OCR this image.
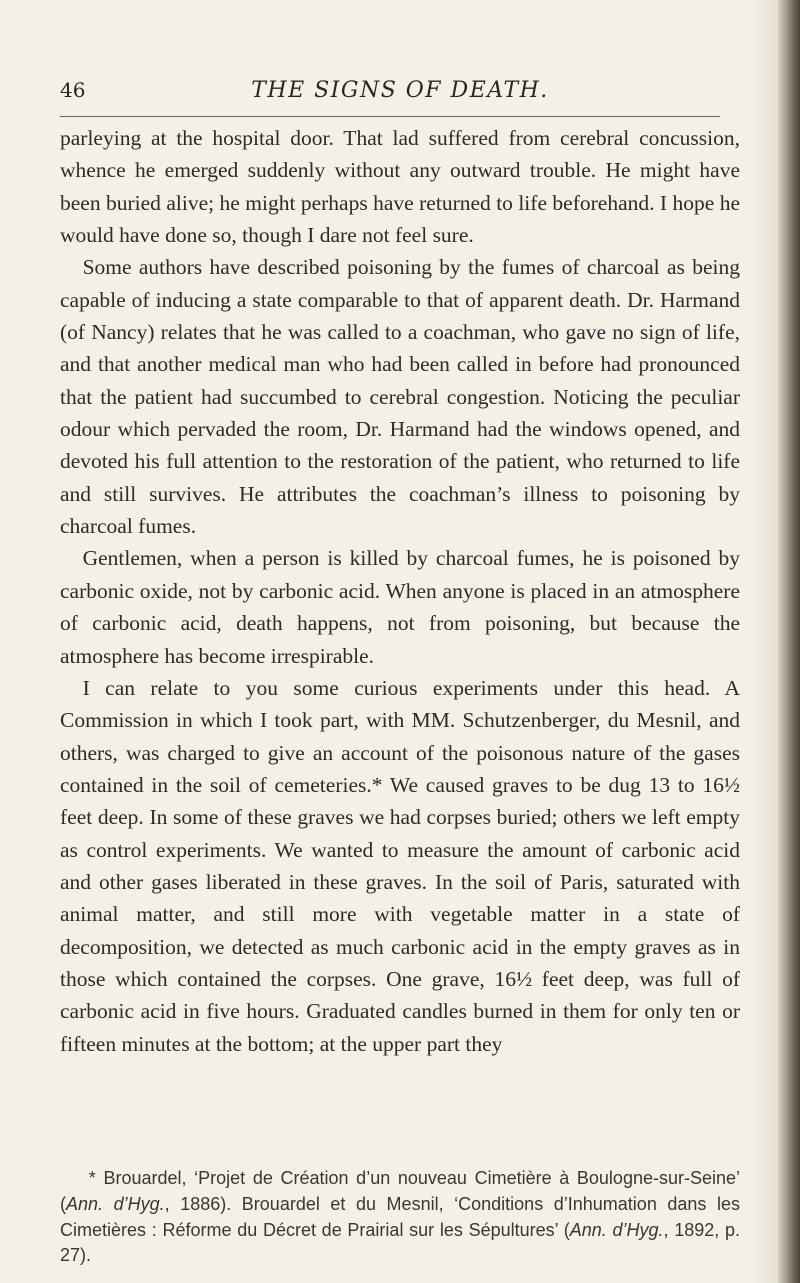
46	THE SIGNS OF DEATH.

parleying at the hospital door. That lad suffered from cerebral concussion, whence he emerged suddenly without any outward trouble. He might have been buried alive; he might perhaps have returned to life beforehand. I hope he would have done so, though I dare not feel sure.

Some authors have described poisoning by the fumes of charcoal as being capable of inducing a state comparable to that of apparent death. Dr. Harmand (of Nancy) relates that he was called to a coachman, who gave no sign of life, and that another medical man who had been called in before had pronounced that the patient had succumbed to cerebral congestion. Noticing the peculiar odour which pervaded the room, Dr. Harmand had the windows opened, and devoted his full attention to the restoration of the patient, who returned to life and still survives. He attributes the coachman’s illness to poisoning by charcoal fumes.

Gentlemen, when a person is killed by charcoal fumes, he is poisoned by carbonic oxide, not by carbonic acid. When anyone is placed in an atmosphere of carbonic acid, death happens, not from poisoning, but because the atmosphere has become irrespirable.

I can relate to you some curious experiments under this head. A Commission in which I took part, with MM. Schutzenberger, du Mesnil, and others, was charged to give an account of the poisonous nature of the gases contained in the soil of cemeteries.* We caused graves to be dug 13 to 16½ feet deep. In some of these graves we had corpses buried; others we left empty as control experiments. We wanted to measure the amount of carbonic acid and other gases liberated in these graves. In the soil of Paris, saturated with animal matter, and still more with vegetable matter in a state of decomposition, we detected as much carbonic acid in the empty graves as in those which contained the corpses. One grave, 16½ feet deep, was full of carbonic acid in five hours. Graduated candles burned in them for only ten or fifteen minutes at the bottom; at the upper part they

* Brouardel, ‘Projet de Création d’un nouveau Cimetière à Boulogne-sur-Seine’ (Ann. d’Hyg., 1886). Brouardel et du Mesnil, ‘Conditions d’Inhumation dans les Cimetières : Réforme du Décret de Prairial sur les Sépultures’ (Ann. d’Hyg., 1892, p. 27).
